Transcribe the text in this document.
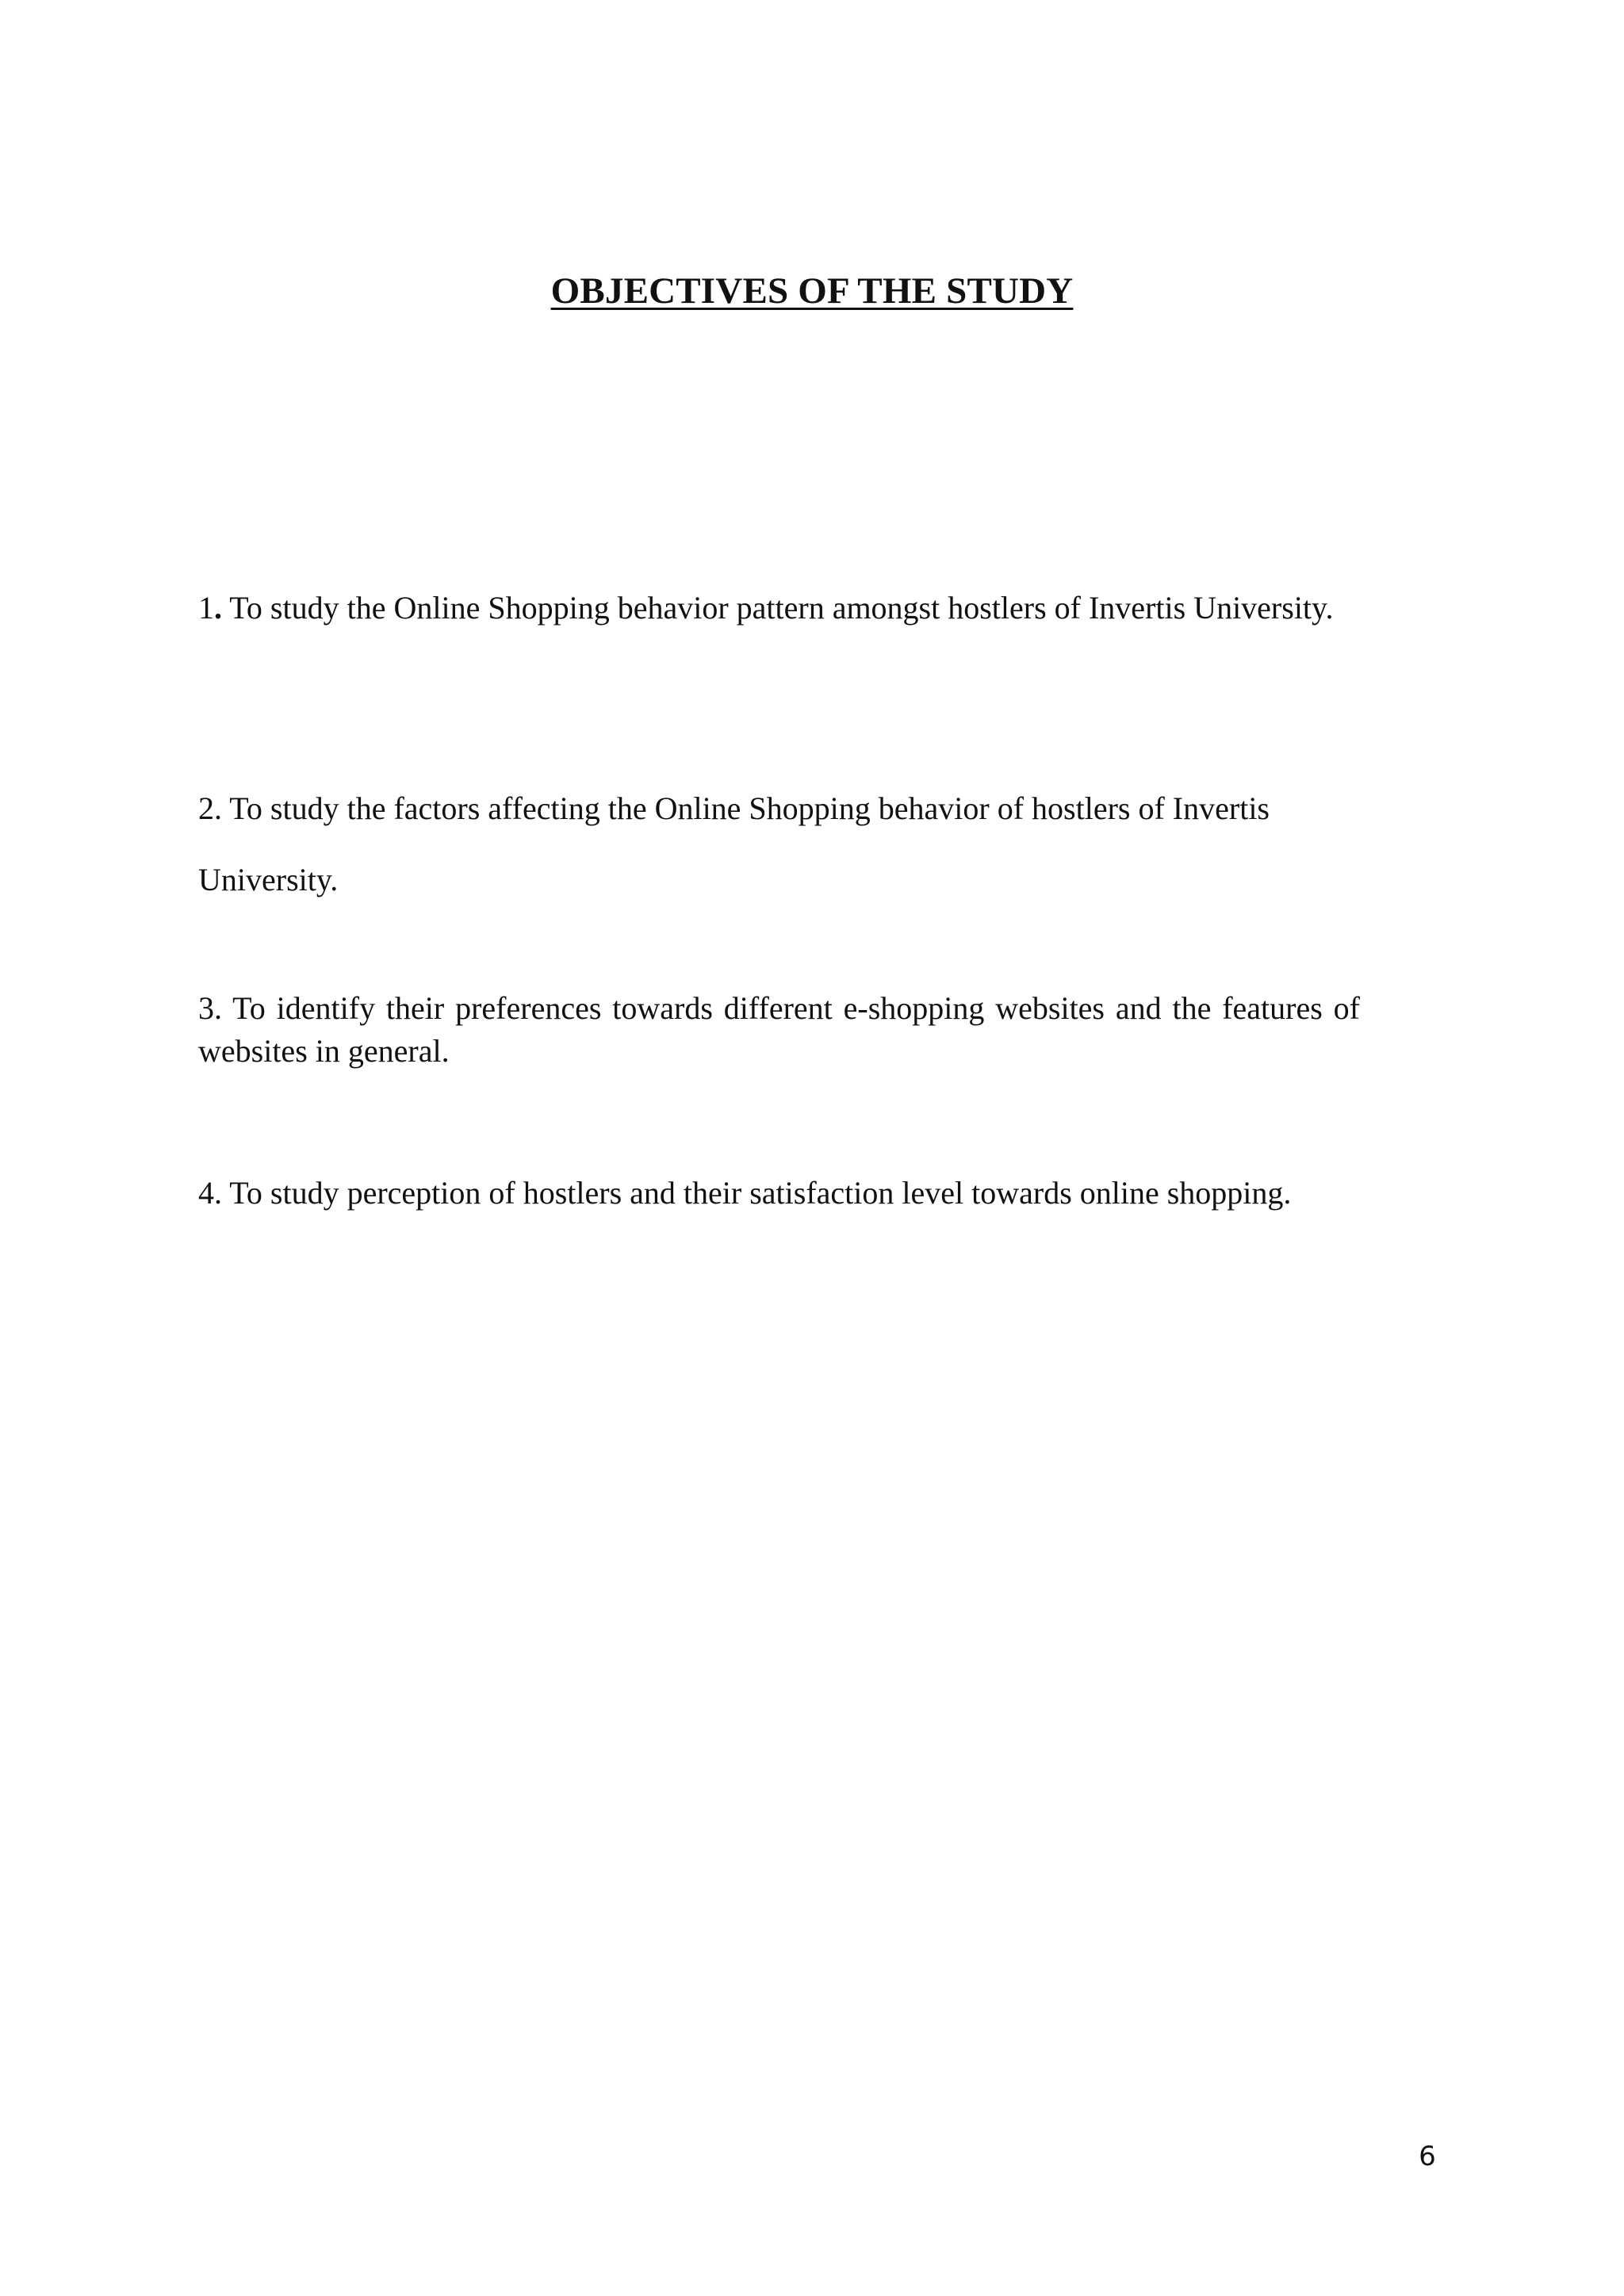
OBJECTIVES OF THE STUDY

1. To study the Online Shopping behavior pattern amongst hostlers of Invertis University.

2. To study the factors affecting the Online Shopping behavior of hostlers of Invertis University.

3. To identify their preferences towards different e-shopping websites and the features of websites in general.

4. To study perception of hostlers and their satisfaction level towards online shopping.

6
